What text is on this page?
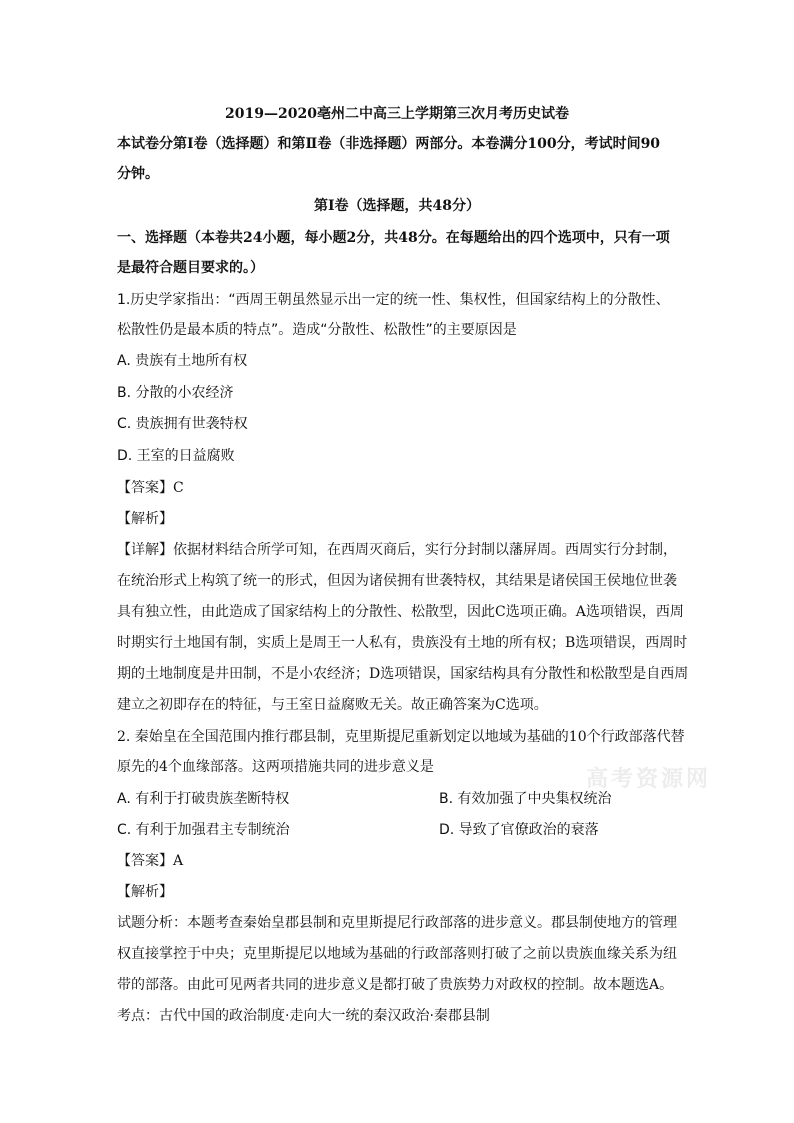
2019—2020亳州二中高三上学期第三次月考历史试卷
本试卷分第Ⅰ卷（选择题）和第Ⅱ卷（非选择题）两部分。本卷满分100分，考试时间90
分钟。
第Ⅰ卷（选择题，共48分）
一、选择题（本卷共24小题，每小题2分，共48分。在每题给出的四个选项中，只有一项
是最符合题目要求的。）
1.历史学家指出：“西周王朝虽然显示出一定的统一性、集权性，但国家结构上的分散性、
松散性仍是最本质的特点”。造成“分散性、松散性”的主要原因是
A. 贵族有土地所有权
B. 分散的小农经济
C. 贵族拥有世袭特权
D. 王室的日益腐败
【答案】C
【解析】
【详解】依据材料结合所学可知，在西周灭商后，实行分封制以藩屏周。西周实行分封制，
在统治形式上构筑了统一的形式，但因为诸侯拥有世袭特权，其结果是诸侯国王侯地位世袭
具有独立性，由此造成了国家结构上的分散性、松散型，因此C选项正确。A选项错误，西周
时期实行土地国有制，实质上是周王一人私有，贵族没有土地的所有权；B选项错误，西周时
期的土地制度是井田制，不是小农经济；D选项错误，国家结构具有分散性和松散型是自西周
建立之初即存在的特征，与王室日益腐败无关。故正确答案为C选项。
2. 秦始皇在全国范围内推行郡县制，克里斯提尼重新划定以地域为基础的10个行政部落代替
原先的4个血缘部落。这两项措施共同的进步意义是
A. 有利于打破贵族垄断特权	B. 有效加强了中央集权统治
C. 有利于加强君主专制统治	D. 导致了官僚政治的衰落
【答案】A
【解析】
试题分析：本题考查秦始皇郡县制和克里斯提尼行政部落的进步意义。郡县制使地方的管理
权直接掌控于中央；克里斯提尼以地域为基础的行政部落则打破了之前以贵族血缘关系为纽
带的部落。由此可见两者共同的进步意义是都打破了贵族势力对政权的控制。故本题选A。
考点：古代中国的政治制度·走向大一统的秦汉政治·秦郡县制
高考资源网
